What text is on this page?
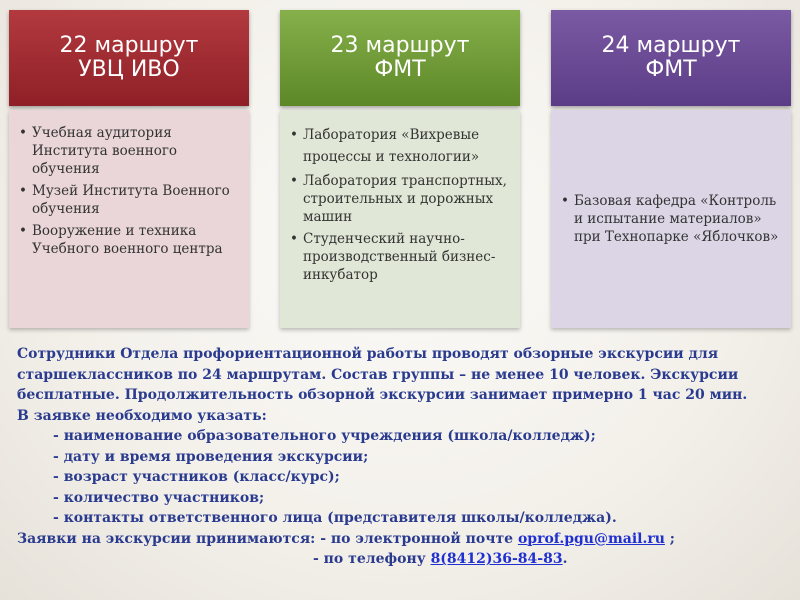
22 маршрут
УВЦ ИВО
• Учебная аудитория Института военного обучения
• Музей Института Военного обучения
• Вооружение и техника Учебного военного центра
23 маршрут
ФМТ
• Лаборатория «Вихревые процессы и технологии»
• Лаборатория транспортных, строительных и дорожных машин
• Студенческий научно-производственный бизнес-инкубатор
24 маршрут
ФМТ
• Базовая кафедра «Контроль и испытание материалов» при Технопарке «Яблочков»

Сотрудники Отдела профориентационной работы проводят обзорные экскурсии для старшеклассников по 24 маршрутам. Состав группы – не менее 10 человек. Экскурсии бесплатные. Продолжительность обзорной экскурсии занимает примерно 1 час 20 мин.

В заявке необходимо указать:

- наименование образовательного учреждения (школа/колледж);
- дату и время проведения экскурсии;
- возраст участников (класс/курс);
- количество участников;
- контакты ответственного лица (представителя школы/колледжа).

Заявки на экскурсии принимаются: - по электронной почте oprof.pgu@mail.ru ;

- по телефону 8(8412)36-84-83.
